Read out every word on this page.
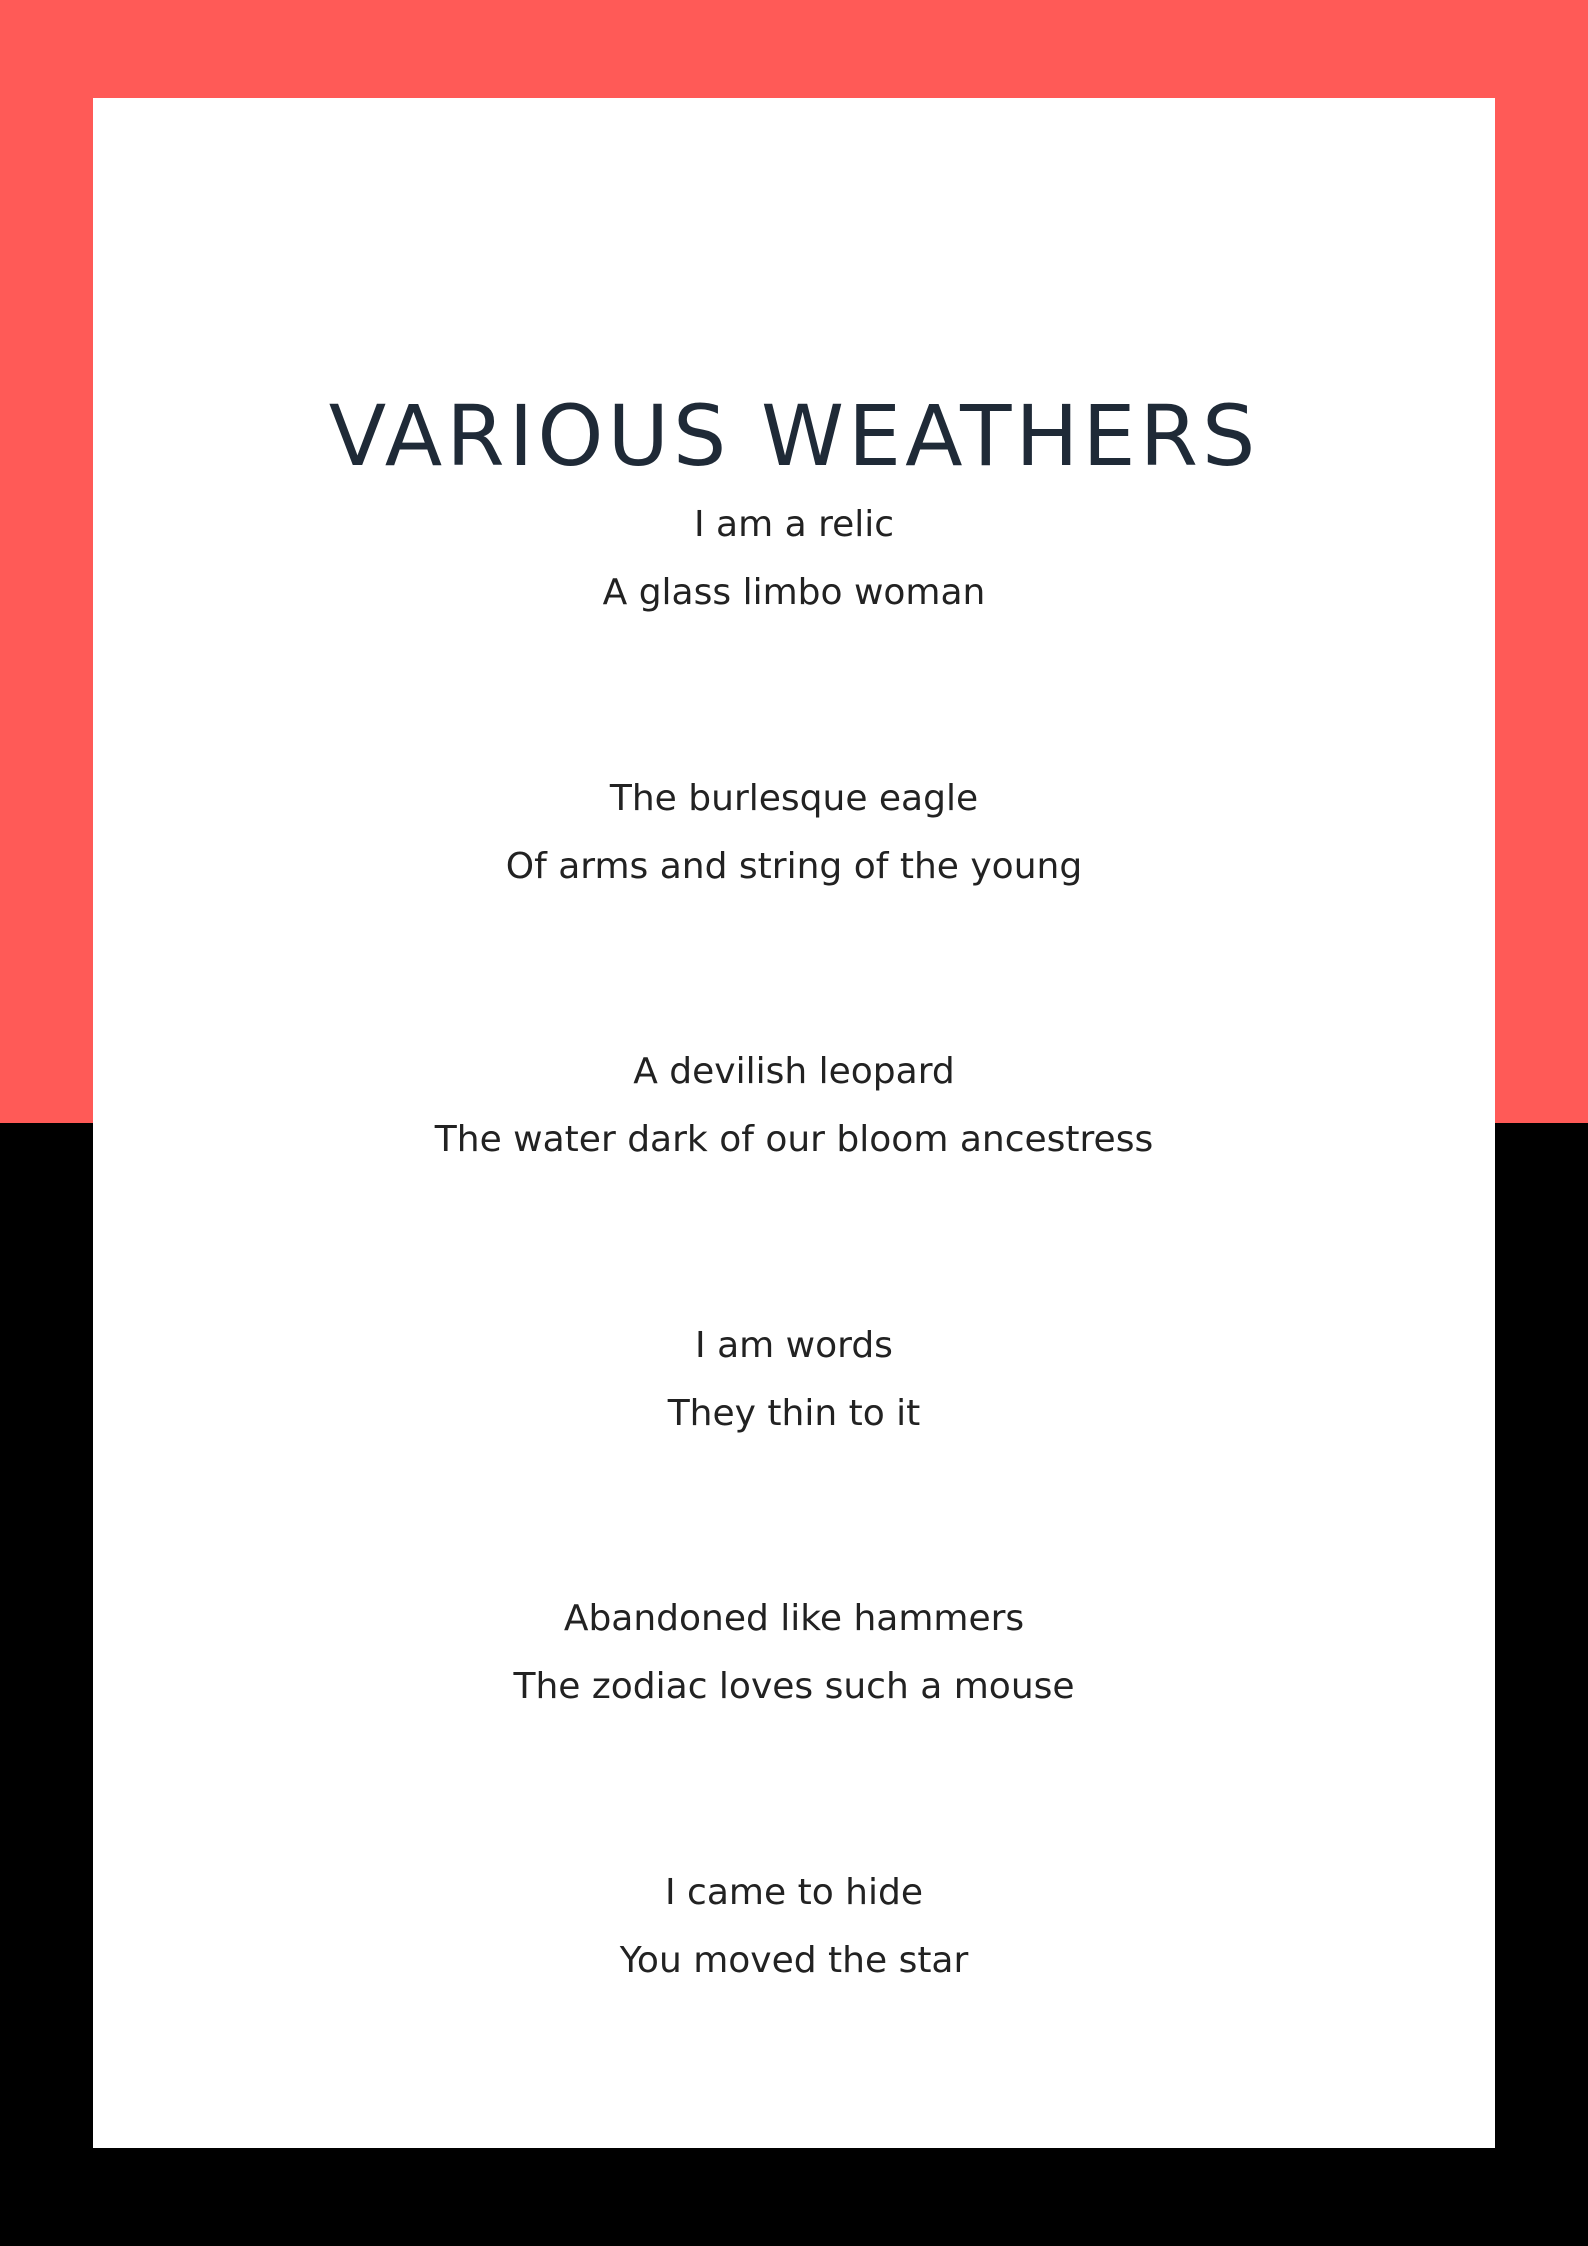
VARIOUS WEATHERS
I am a relic
A glass limbo woman
The burlesque eagle
Of arms and string of the young
A devilish leopard
The water dark of our bloom ancestress
I am words
They thin to it
Abandoned like hammers
The zodiac loves such a mouse
I came to hide
You moved the star
